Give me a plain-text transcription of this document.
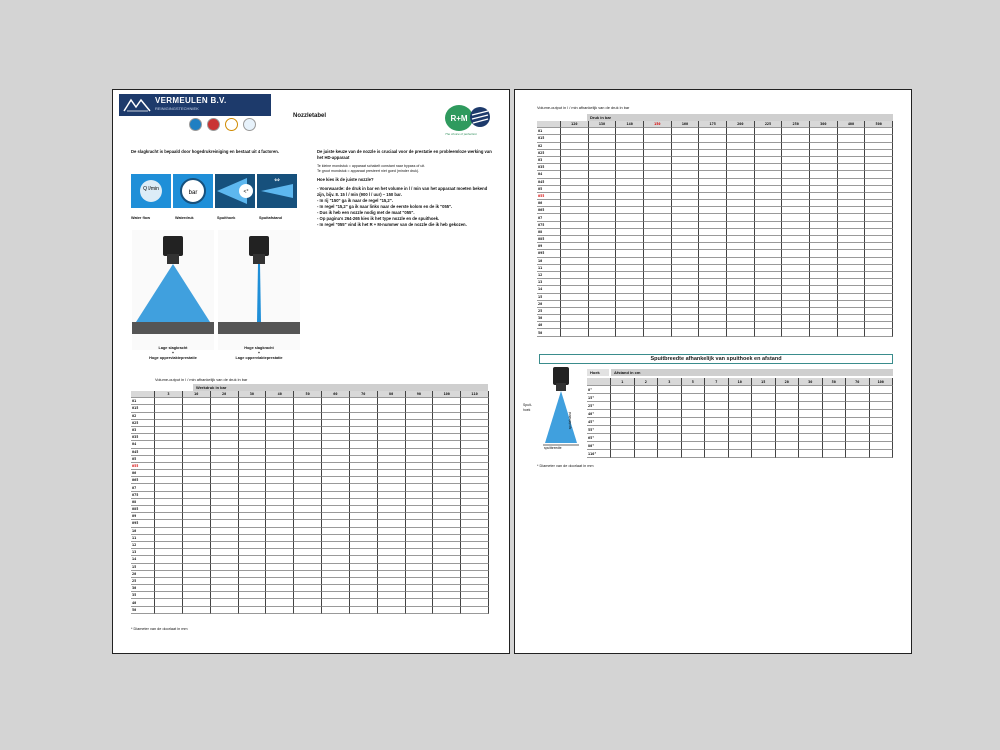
VERMEULEN B.V.
REINIGINGSTECHNIEK
Nozzletabel	R+M
The choice of perfection
De slagkracht is bepaald door hogedrukreiniging en bestaat uit 4 factoren.	De juiste keuze van de nozzle is cruciaal voor de prestatie en probleemloze werking van het HD-apparaat

Te kleine mondstuk = apparaat schakelt constant naar bypass of uit.
Te groot mondstuk = apparaat presteert niet goed (minder druk).

Hoe kies ik de juiste nozzle?

- Voorwaarde: de druk in bar en het volume in l / min van het apparaat moeten bekend zijn, bijv. 8. 15 l / min (900 l / uur) – 150 bar.
- In rij "150" ga ik naar de regel "15,2".
- In regel "15,2" ga ik naar links naar de eerste kolom en de ik "055".
- Dus ik heb een nozzle nodig met de maat "055".
- Op pagina's 264-265 kies ik het type nozzle en de spuithoek.
- In regel "055" vind ik het R + M-nummer van de nozzle die ik heb gekozen.
Q l/min
bar	<°
⇔
Water flow	Waterdruk	Spuithoek	Spuitafstand
Lage slagkracht
+
Hoge oppervlakteprestatie
Hoge slagkracht
+
Lage oppervlakteprestatie
Volume-output in l / min afhankelijk van de druk in bar
Werkdruk in bar
3	10	20	30	40	50	60	70	80	90	100	110
01
015
02
025
03
035
04
045
05
055
06
065
07
075
08
085
09
095
10
11
12
13
14
15
20
25
30
35
40
50
* Diameter van de doorlaat in mm
Volume-output in l / min afhankelijk van de druk in bar
Druk in bar
120	130	140	150	160	175	200	225	250	300	400	500
01
015
02
025
03
035
04
045
05
055
06
065
07
075
08
085
09
095
10
11
12
13
14
15
20
25
30
40
50
Spuitbreedte afhankelijk van spuithoek en afstand
Spuit-hoek
spuitafstand
spuitbreedte
Hoek	Afstand in cm
1	2	3	5	7	10	15	20	30	50	70	100
0°
15°
25°
40°
45°
55°
65°
80°
110°
* Diameter van de doorlaat in mm
